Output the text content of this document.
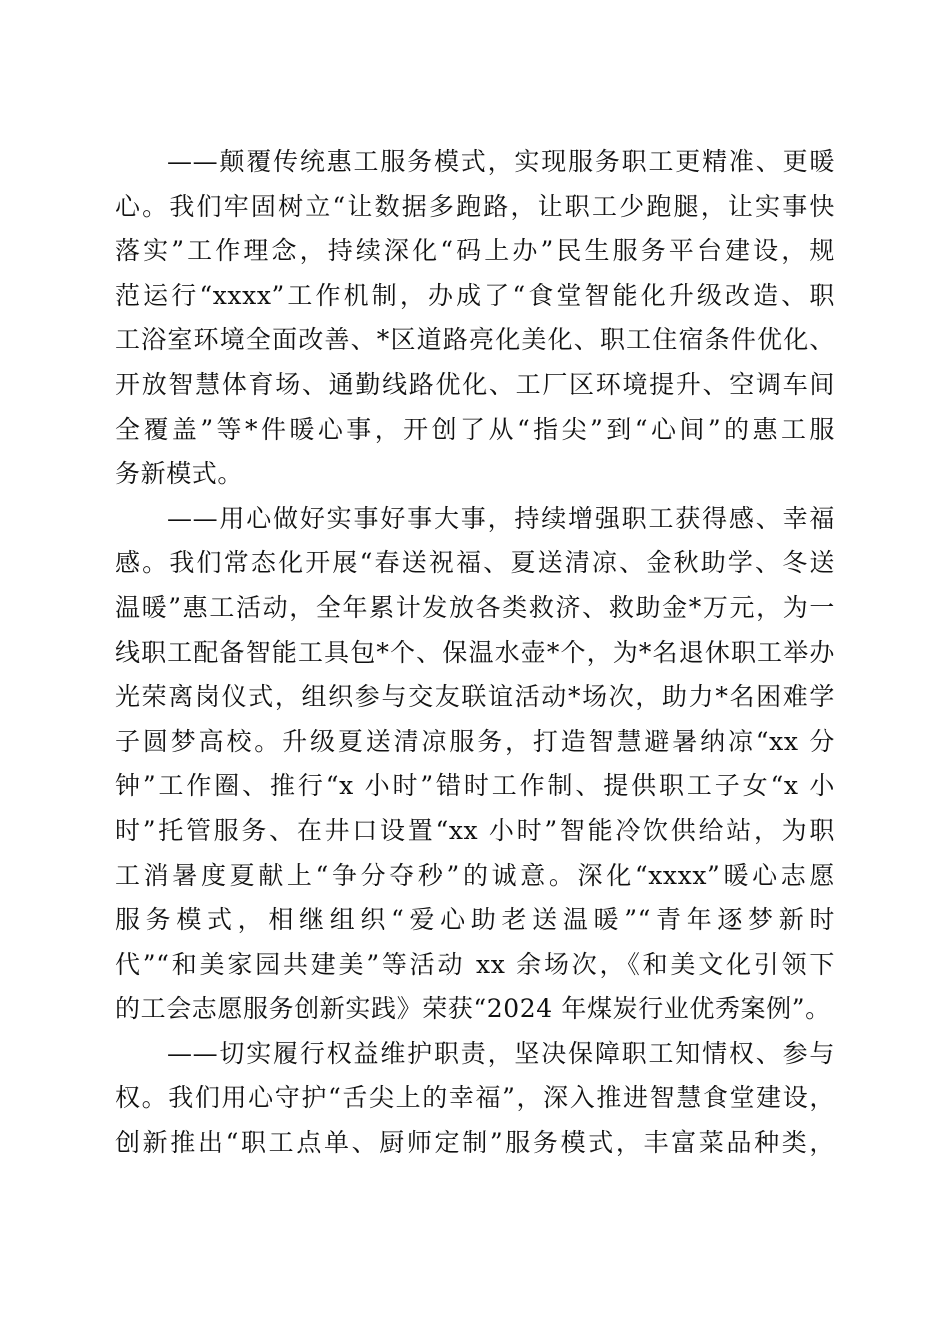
——颠覆传统惠工服务模式，实现服务职工更精准、更暖
心。我们牢固树立“让数据多跑路，让职工少跑腿，让实事快
落实”工作理念，持续深化“码上办”民生服务平台建设，规
范运行“xxxx”工作机制，办成了“食堂智能化升级改造、职
工浴室环境全面改善、*区道路亮化美化、职工住宿条件优化、
开放智慧体育场、通勤线路优化、工厂区环境提升、空调车间
全覆盖”等*件暖心事，开创了从“指尖”到“心间”的惠工服
务新模式。

——用心做好实事好事大事，持续增强职工获得感、幸福
感。我们常态化开展“春送祝福、夏送清凉、金秋助学、冬送
温暖”惠工活动，全年累计发放各类救济、救助金*万元，为一
线职工配备智能工具包*个、保温水壶*个，为*名退休职工举办
光荣离岗仪式，组织参与交友联谊活动*场次，助力*名困难学
子圆梦高校。升级夏送清凉服务，打造智慧避暑纳凉“xx 分
钟”工作圈、推行“x 小时”错时工作制、提供职工子女“x 小
时”托管服务、在井口设置“xx 小时”智能冷饮供给站，为职
工消暑度夏献上“争分夺秒”的诚意。深化“xxxx”暖心志愿
服务模式，相继组织“爱心助老送温暖”“青年逐梦新时
代”“和美家园共建美”等活动 xx 余场次，《和美文化引领下
的工会志愿服务创新实践》荣获“2024 年煤炭行业优秀案例”。

——切实履行权益维护职责，坚决保障职工知情权、参与
权。我们用心守护“舌尖上的幸福”，深入推进智慧食堂建设，
创新推出“职工点单、厨师定制”服务模式，丰富菜品种类，
